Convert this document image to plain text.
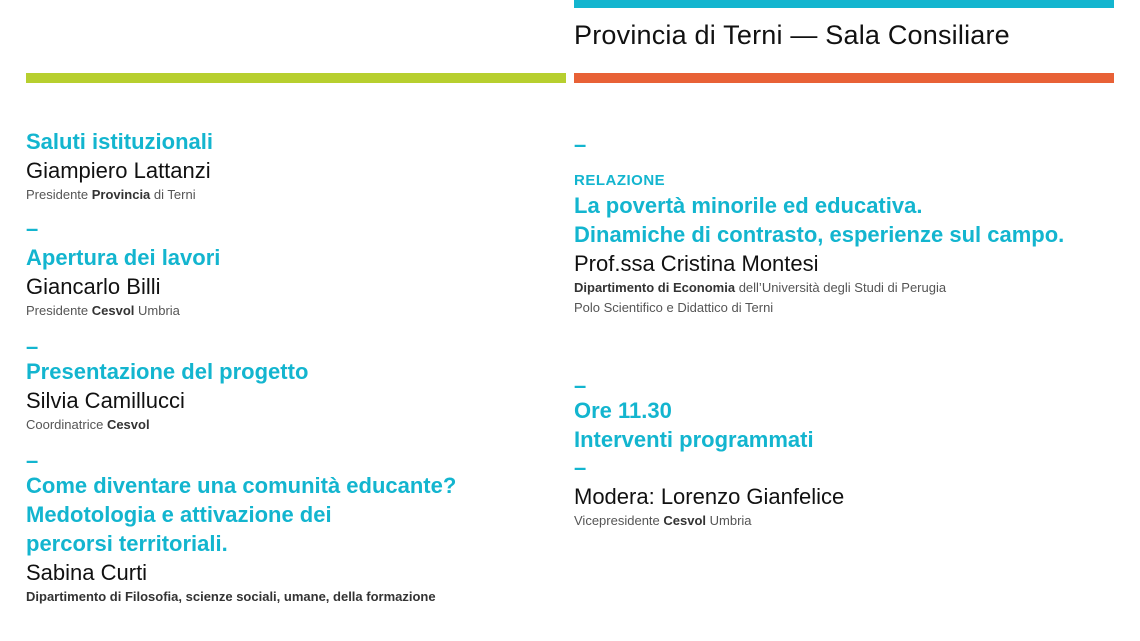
Provincia di Terni — Sala Consiliare
Saluti istituzionali
Giampiero Lattanzi
Presidente Provincia di Terni
–
Apertura dei lavori
Giancarlo Billi
Presidente Cesvol Umbria
–
Presentazione del progetto
Silvia Camillucci
Coordinatrice Cesvol
–
Come diventare una comunità educante?
Medotologia e attivazione dei
percorsi territoriali.
Sabina Curti
Dipartimento di Filosofia, scienze sociali, umane, della formazione
–
RELAZIONE
La povertà minorile ed educativa.
Dinamiche di contrasto, esperienze sul campo.
Prof.ssa Cristina Montesi
Dipartimento di Economia dell’Università degli Studi di Perugia
Polo Scientifico e Didattico di Terni
–
Ore 11.30
Interventi programmati
–
Modera: Lorenzo Gianfelice
Vicepresidente Cesvol Umbria
